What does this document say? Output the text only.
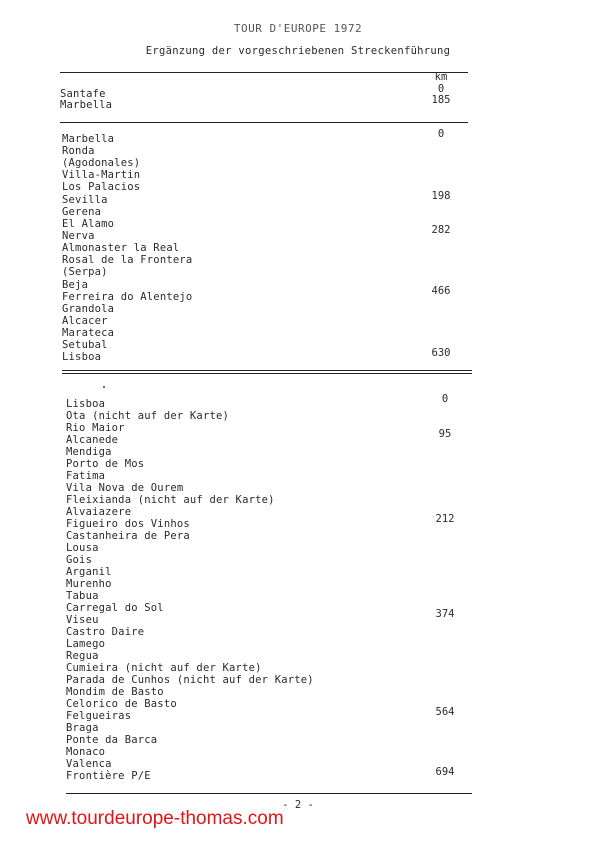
TOUR D'EUROPE 1972
Ergänzung der vorgeschriebenen Streckenführung
km
0
185
Santafe
Marbella
Marbella
Ronda
(Agodonales)
Villa-Martin
Los Palacios
Sevilla
Gerena
El Alamo
Nerva
Almonaster la Real
Rosal de la Frontera
(Serpa)
Beja
Ferreira do Alentejo
Grandola
Alcacer
Marateca
Setubal
Lisboa
0
198
282
466
630
Lisboa
Ota (nicht auf der Karte)
Rio Maior
Alcanede
Mendiga
Porto de Mos
Fatima
Vila Nova de Ourem
Fleixianda (nicht auf der Karte)
Alvaiazere
Figueiro dos Vinhos
Castanheira de Pera
Lousa
Gois
Arganil
Murenho
Tabua
Carregal do Sol
Viseu
Castro Daire
Lamego
Regua
Cumieira (nicht auf der Karte)
Parada de Cunhos (nicht auf der Karte)
Mondim de Basto
Celorico de Basto
Felgueiras
Braga
Ponte da Barca
Monaco
Valenca
Frontière P/E
0
95
212
374
564
694
- 2 -
www.tourdeurope-thomas.com
